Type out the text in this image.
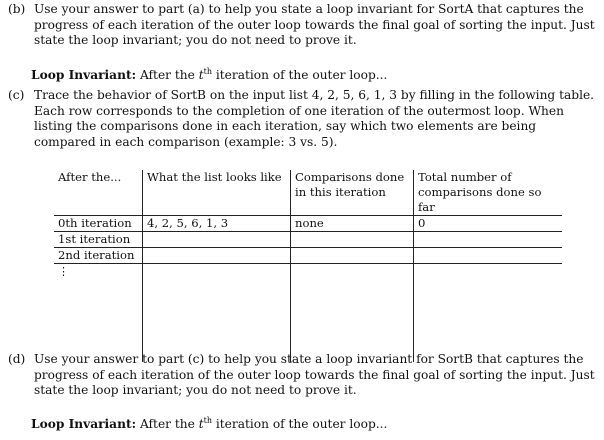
(b) Use your answer to part (a) to help you state a loop invariant for SortA that captures the progress of each iteration of the outer loop towards the final goal of sorting the input. Just state the loop invariant; you do not need to prove it.
Loop Invariant: After the $t^{th}$ iteration of the outer loop...
(c) Trace the behavior of SortB on the input list 4, 2, 5, 6, 1, 3 by filling in the following table. Each row corresponds to the completion of one iteration of the outermost loop. When listing the comparisons done in each iteration, say which two elements are being compared in each comparison (example: 3 vs. 5).
After the...	What the list looks like	Comparisons done in this iteration	Total number of comparisons done so far
0th iteration	4, 2, 5, 6, 1, 3	none	0
1st iteration			
2nd iteration			
⋮			
(d) Use your answer to part (c) to help you state a loop invariant for SortB that captures the progress of each iteration of the outer loop towards the final goal of sorting the input. Just state the loop invariant; you do not need to prove it.
Loop Invariant: After the $t^{th}$ iteration of the outer loop...
